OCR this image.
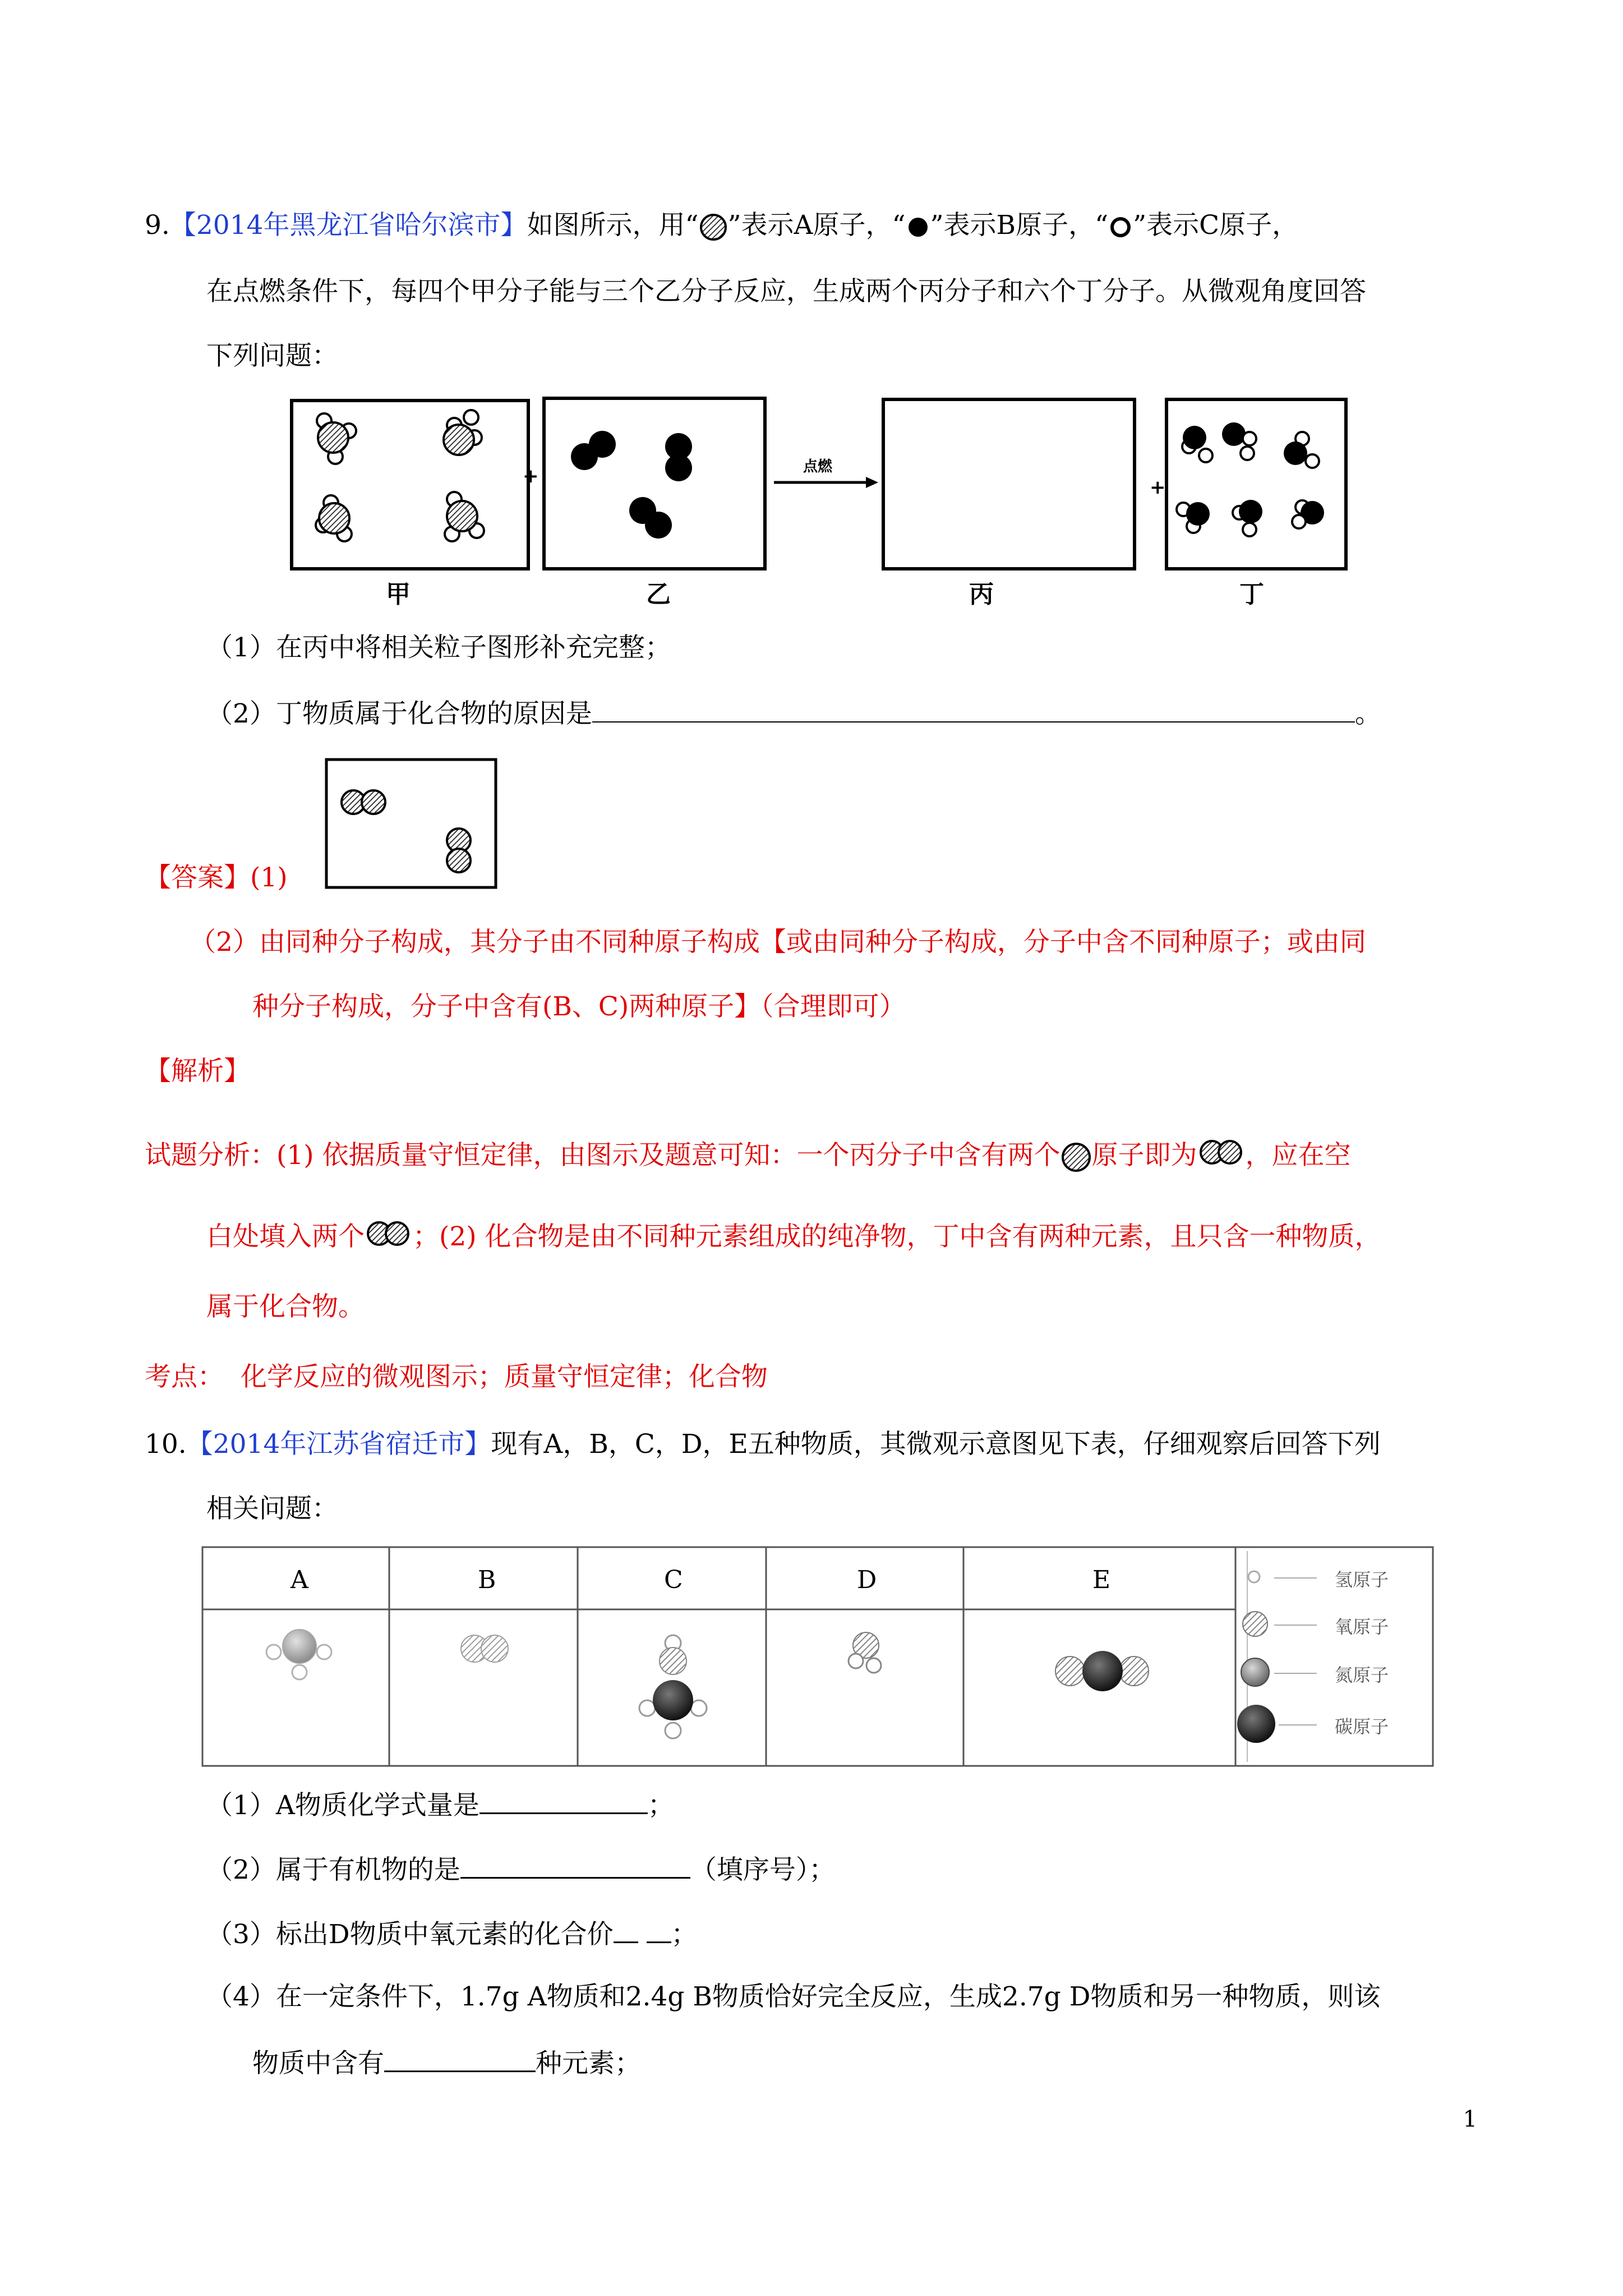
9.【2014年黑龙江省哈尔滨市】如图所示，用“ ”表示A原子，“ ”表示B原子，“ ”表示C原子，
在点燃条件下，每四个甲分子能与三个乙分子反应，生成两个丙分子和六个丁分子。从微观角度回答
下列问题：
+	点燃
+
甲	乙	丙	丁
（1）在丙中将相关粒子图形补充完整；
（2）丁物质属于化合物的原因是	。
【答案】(1)
（2）由同种分子构成，其分子由不同种原子构成【或由同种分子构成，分子中含不同种原子；或由同
种分子构成，分子中含有(B、C)两种原子】（合理即可）
【解析】
试题分析：(1) 依据质量守恒定律，由图示及题意可知：一个丙分子中含有两个 原子即为 ，应在空
白处填入两个 ；(2) 化合物是由不同种元素组成的纯净物，丁中含有两种元素，且只含一种物质，
属于化合物。
考点： 化学反应的微观图示；质量守恒定律；化合物
10.【2014年江苏省宿迁市】现有A，B，C，D，E五种物质，其微观示意图见下表，仔细观察后回答下列
相关问题：
A	B	C	D	E	氢原子
氧原子
氮原子
碳原子
（1）A物质化学式量是	；
（2）属于有机物的是	（填序号）；
（3）标出D物质中氧元素的化合价 ；
（4）在一定条件下，1.7g A物质和2.4g B物质恰好完全反应，生成2.7g D物质和另一种物质，则该
物质中含有	种元素；
1
